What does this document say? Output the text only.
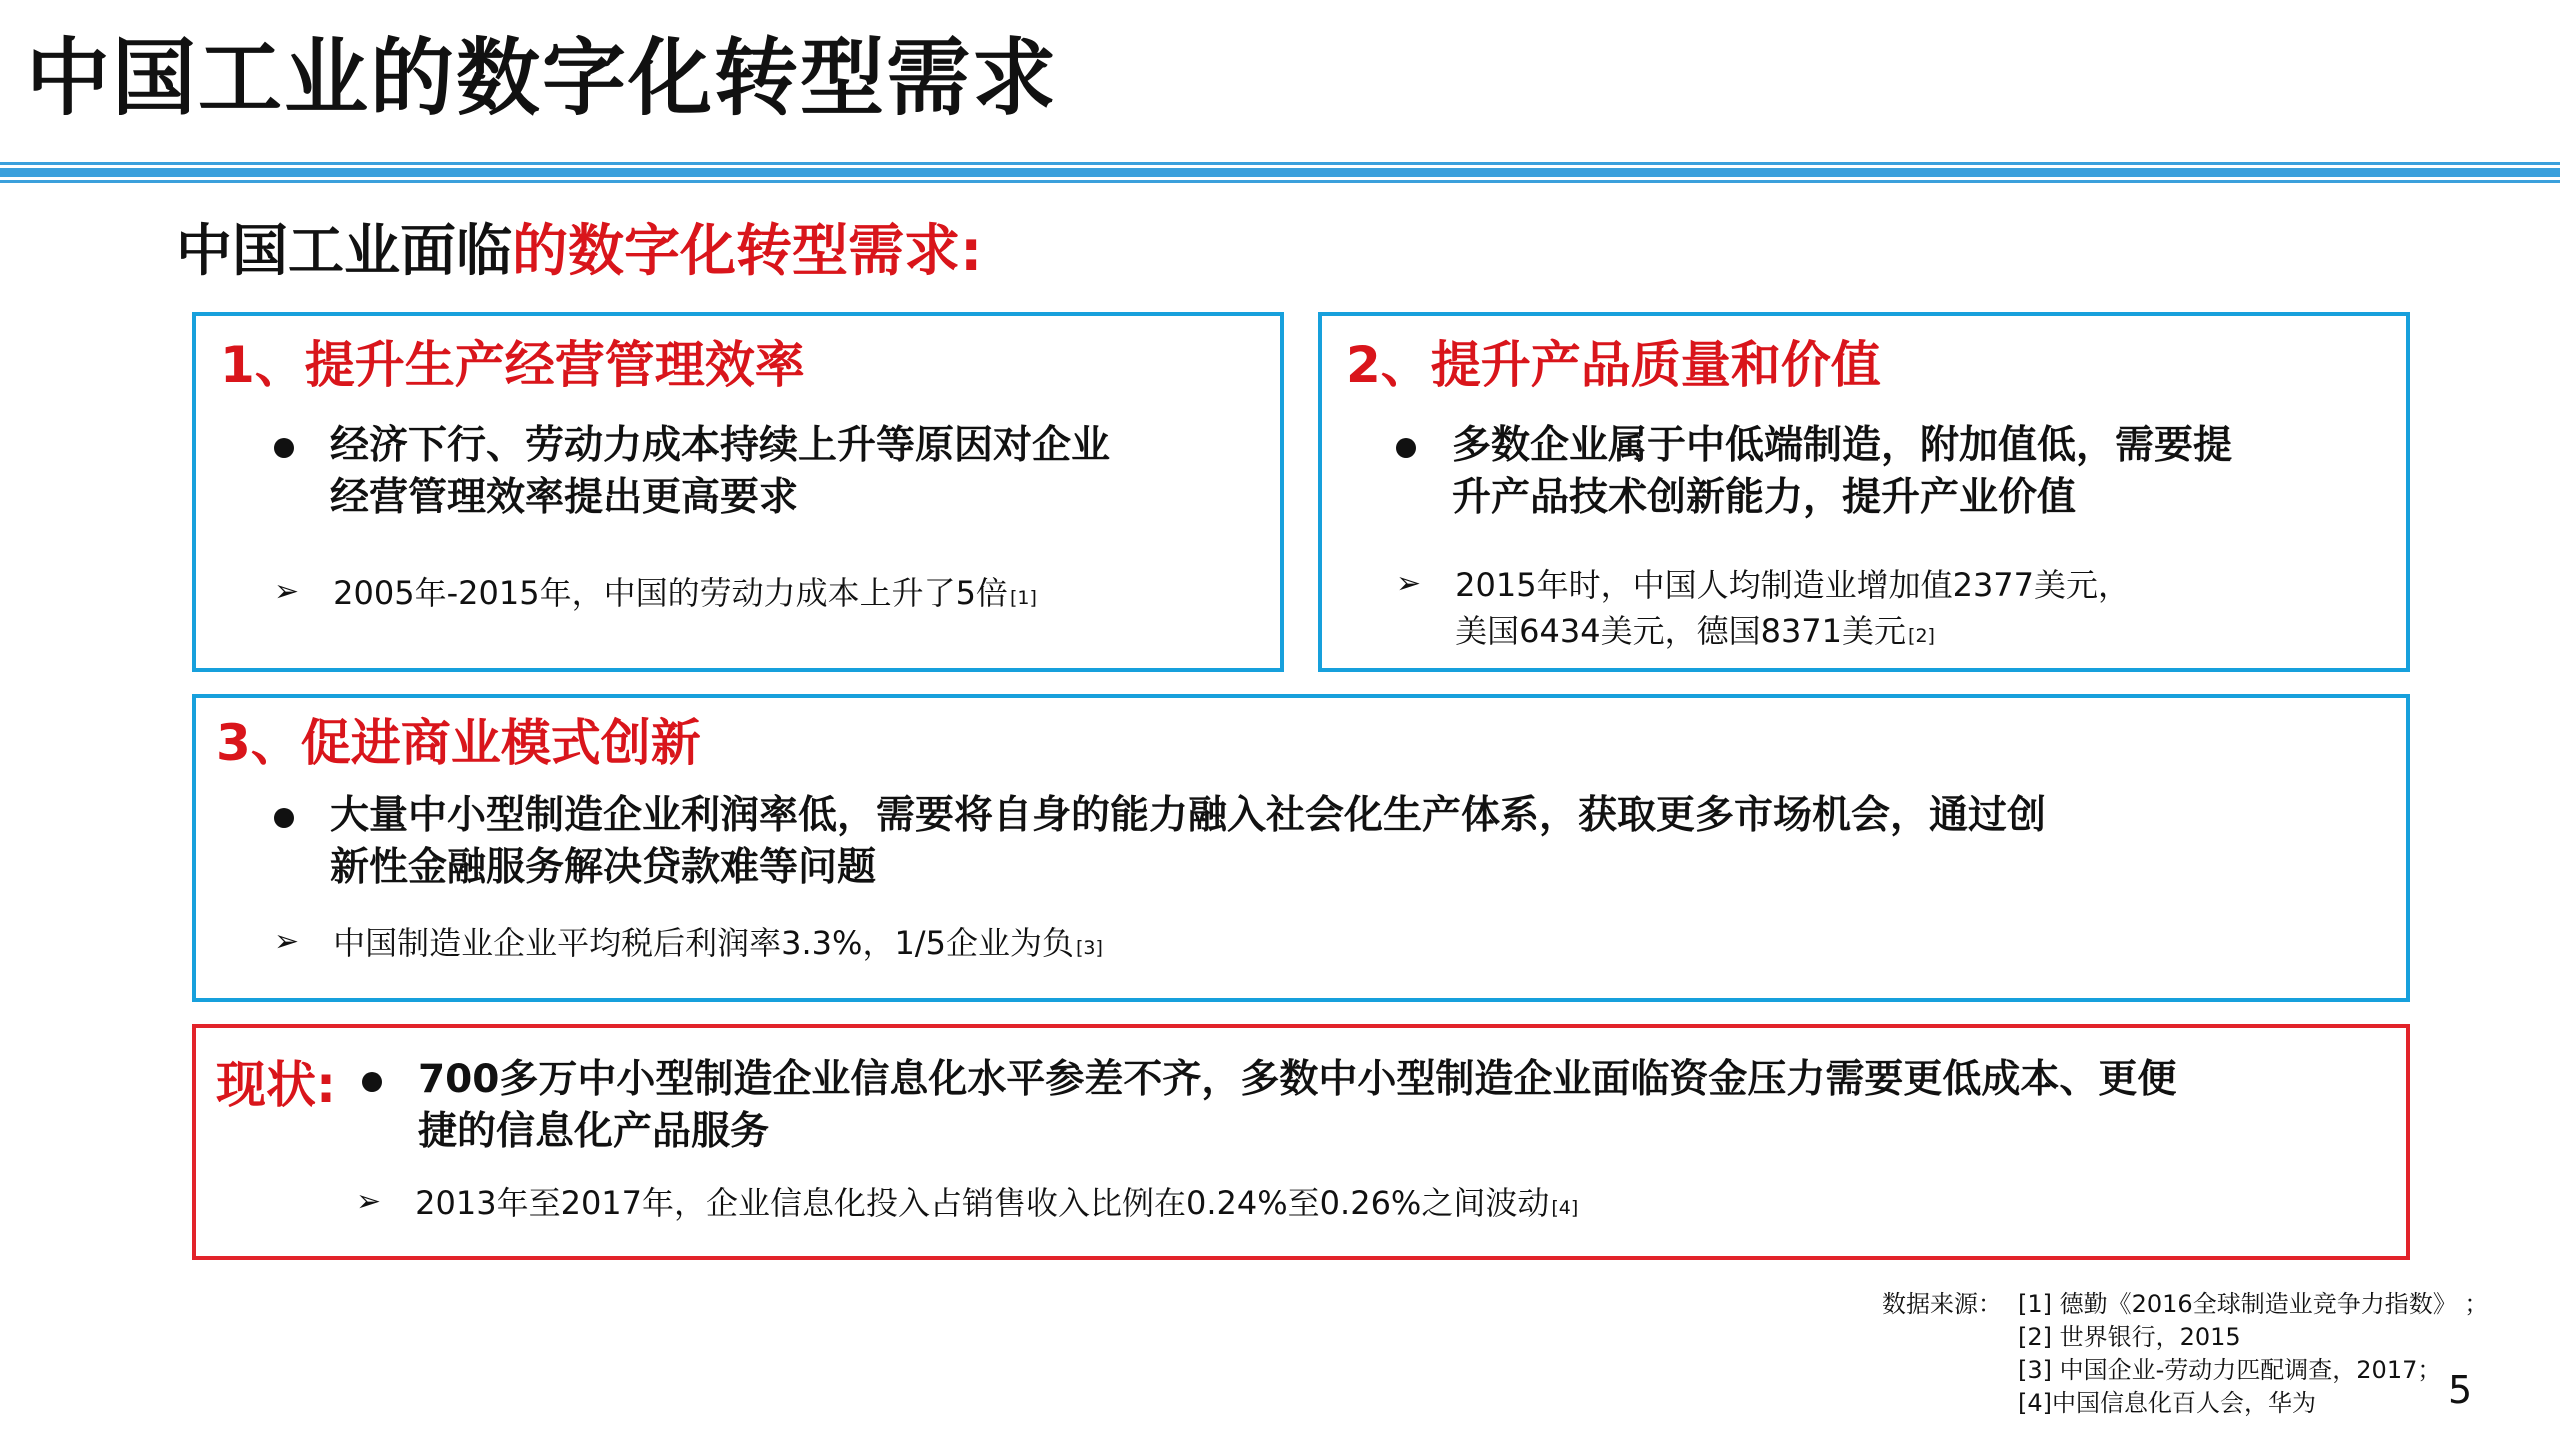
中国工业的数字化转型需求
中国工业面临的数字化转型需求:
1、提升生产经营管理效率
经济下行、劳动力成本持续上升等原因对企业
经营管理效率提出更高要求
➢ 2005年-2015年，中国的劳动力成本上升了5倍 [1]
2、提升产品质量和价值
多数企业属于中低端制造，附加值低，需要提
升产品技术创新能力，提升产业价值
➢ 2015年时，中国人均制造业增加值2377美元，
美国6434美元，德国8371美元 [2]
3、促进商业模式创新
大量中小型制造企业利润率低，需要将自身的能力融入社会化生产体系，获取更多市场机会，通过创
新性金融服务解决贷款难等问题
➢ 中国制造业企业平均税后利润率3.3%，1/5企业为负 [3]
现状: 700多万中小型制造企业信息化水平参差不齐，多数中小型制造企业面临资金压力需要更低成本、更便
捷的信息化产品服务
➢ 2013年至2017年，企业信息化投入占销售收入比例在0.24%至0.26%之间波动 [4]
数据来源： [1] 德勤《2016全球制造业竞争力指数》 ；
[2] 世界银行，2015
[3] 中国企业-劳动力匹配调查，2017；
[4]中国信息化百人会，华为	5
